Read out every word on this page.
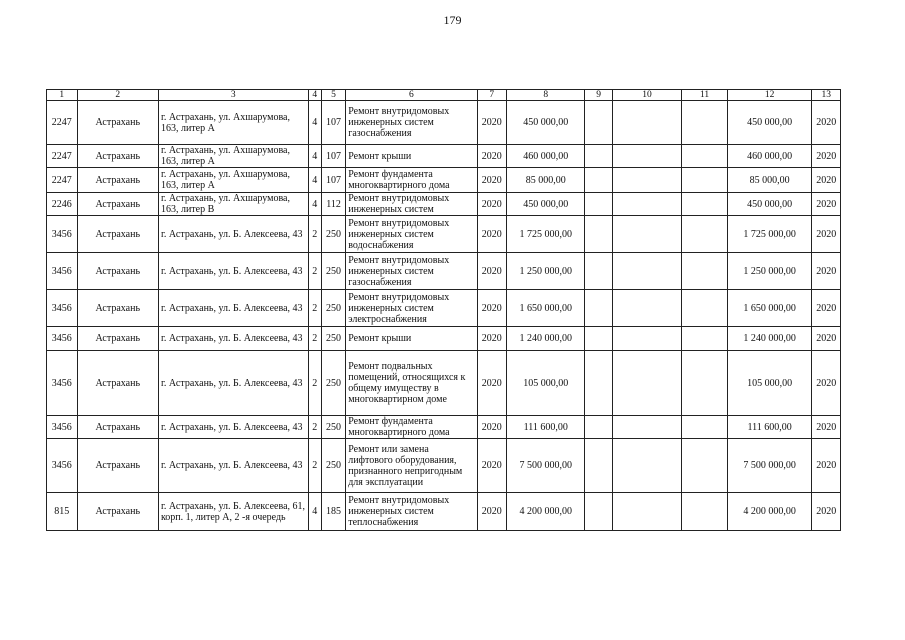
179
1	2	3	4	5	6	7	8	9	10	11	12	13
2247	Астрахань	г. Астрахань, ул. Ахшарумова, 163, литер А	4	107	Ремонт внутридомовых инженерных систем газоснабжения	2020	450 000,00				450 000,00	2020
2247	Астрахань	г. Астрахань, ул. Ахшарумова, 163, литер А	4	107	Ремонт крыши	2020	460 000,00				460 000,00	2020
2247	Астрахань	г. Астрахань, ул. Ахшарумова, 163, литер А	4	107	Ремонт фундамента многоквартирного дома	2020	85 000,00				85 000,00	2020
2246	Астрахань	г. Астрахань, ул. Ахшарумова, 163, литер В	4	112	Ремонт внутридомовых инженерных систем	2020	450 000,00				450 000,00	2020
3456	Астрахань	г. Астрахань, ул. Б. Алексеева, 43	2	250	Ремонт внутридомовых инженерных систем водоснабжения	2020	1 725 000,00				1 725 000,00	2020
3456	Астрахань	г. Астрахань, ул. Б. Алексеева, 43	2	250	Ремонт внутридомовых инженерных систем газоснабжения	2020	1 250 000,00				1 250 000,00	2020
3456	Астрахань	г. Астрахань, ул. Б. Алексеева, 43	2	250	Ремонт внутридомовых инженерных систем электроснабжения	2020	1 650 000,00				1 650 000,00	2020
3456	Астрахань	г. Астрахань, ул. Б. Алексеева, 43	2	250	Ремонт крыши	2020	1 240 000,00				1 240 000,00	2020
3456	Астрахань	г. Астрахань, ул. Б. Алексеева, 43	2	250	Ремонт подвальных помещений, относящихся к общему имуществу в многоквартирном доме	2020	105 000,00				105 000,00	2020
3456	Астрахань	г. Астрахань, ул. Б. Алексеева, 43	2	250	Ремонт фундамента многоквартирного дома	2020	111 600,00				111 600,00	2020
3456	Астрахань	г. Астрахань, ул. Б. Алексеева, 43	2	250	Ремонт или замена лифтового оборудования, признанного непригодным для эксплуатации	2020	7 500 000,00				7 500 000,00	2020
815	Астрахань	г. Астрахань, ул. Б. Алексеева, 61, корп. 1, литер А, 2 -я очередь	4	185	Ремонт внутридомовых инженерных систем теплоснабжения	2020	4 200 000,00				4 200 000,00	2020
